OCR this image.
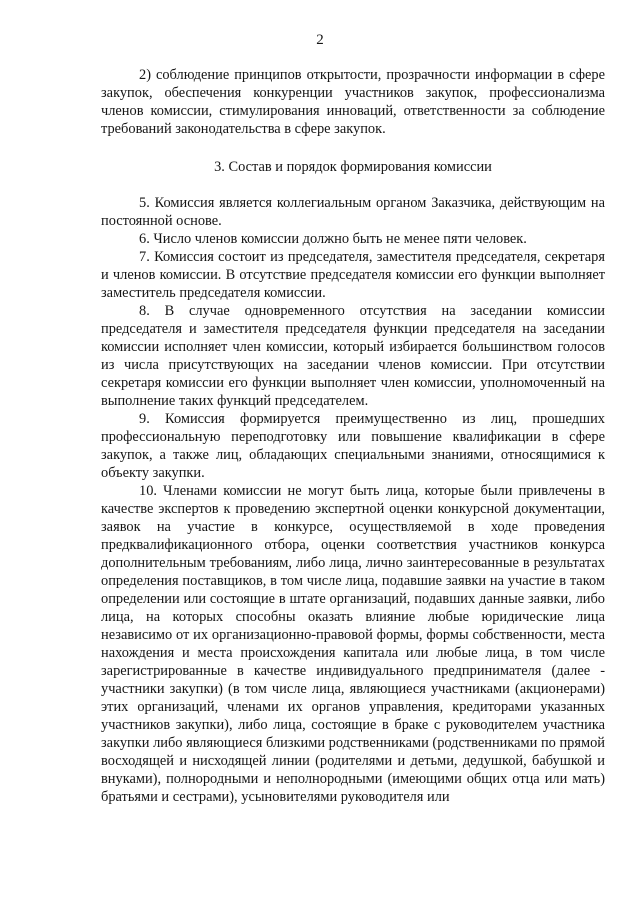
2

2) соблюдение принципов открытости, прозрачности информации в сфере закупок, обеспечения конкуренции участников закупок, профессионализма членов комиссии, стимулирования инноваций, ответственности за соблюдение требований законодательства в сфере закупок.

3. Состав и порядок формирования комиссии

5. Комиссия является коллегиальным органом Заказчика, действующим на постоянной основе.

6. Число членов комиссии должно быть не менее пяти человек.

7. Комиссия состоит из председателя, заместителя председателя, секретаря и членов комиссии. В отсутствие председателя комиссии его функции выполняет заместитель председателя комиссии.

8. В случае одновременного отсутствия на заседании комиссии председателя и заместителя председателя функции председателя на заседании комиссии исполняет член комиссии, который избирается большинством голосов из числа присутствующих на заседании членов комиссии. При отсутствии секретаря комиссии его функции выполняет член комиссии, уполномоченный на выполнение таких функций председателем.

9. Комиссия формируется преимущественно из лиц, прошедших профессиональную переподготовку или повышение квалификации в сфере закупок, а также лиц, обладающих специальными знаниями, относящимися к объекту закупки.

10. Членами комиссии не могут быть лица, которые были привлечены в качестве экспертов к проведению экспертной оценки конкурсной документации, заявок на участие в конкурсе, осуществляемой в ходе проведения предквалификационного отбора, оценки соответствия участников конкурса дополнительным требованиям, либо лица, лично заинтересованные в результатах определения поставщиков, в том числе лица, подавшие заявки на участие в таком определении или состоящие в штате организаций, подавших данные заявки, либо лица, на которых способны оказать влияние любые юридические лица независимо от их организационно-правовой формы, формы собственности, места нахождения и места происхождения капитала или любые лица, в том числе зарегистрированные в качестве индивидуального предпринимателя (далее - участники закупки) (в том числе лица, являющиеся участниками (акционерами) этих организаций, членами их органов управления, кредиторами указанных участников закупки), либо лица, состоящие в браке с руководителем участника закупки либо являющиеся близкими родственниками (родственниками по прямой восходящей и нисходящей линии (родителями и детьми, дедушкой, бабушкой и внуками), полнородными и неполнородными (имеющими общих отца или мать) братьями и сестрами), усыновителями руководителя или
